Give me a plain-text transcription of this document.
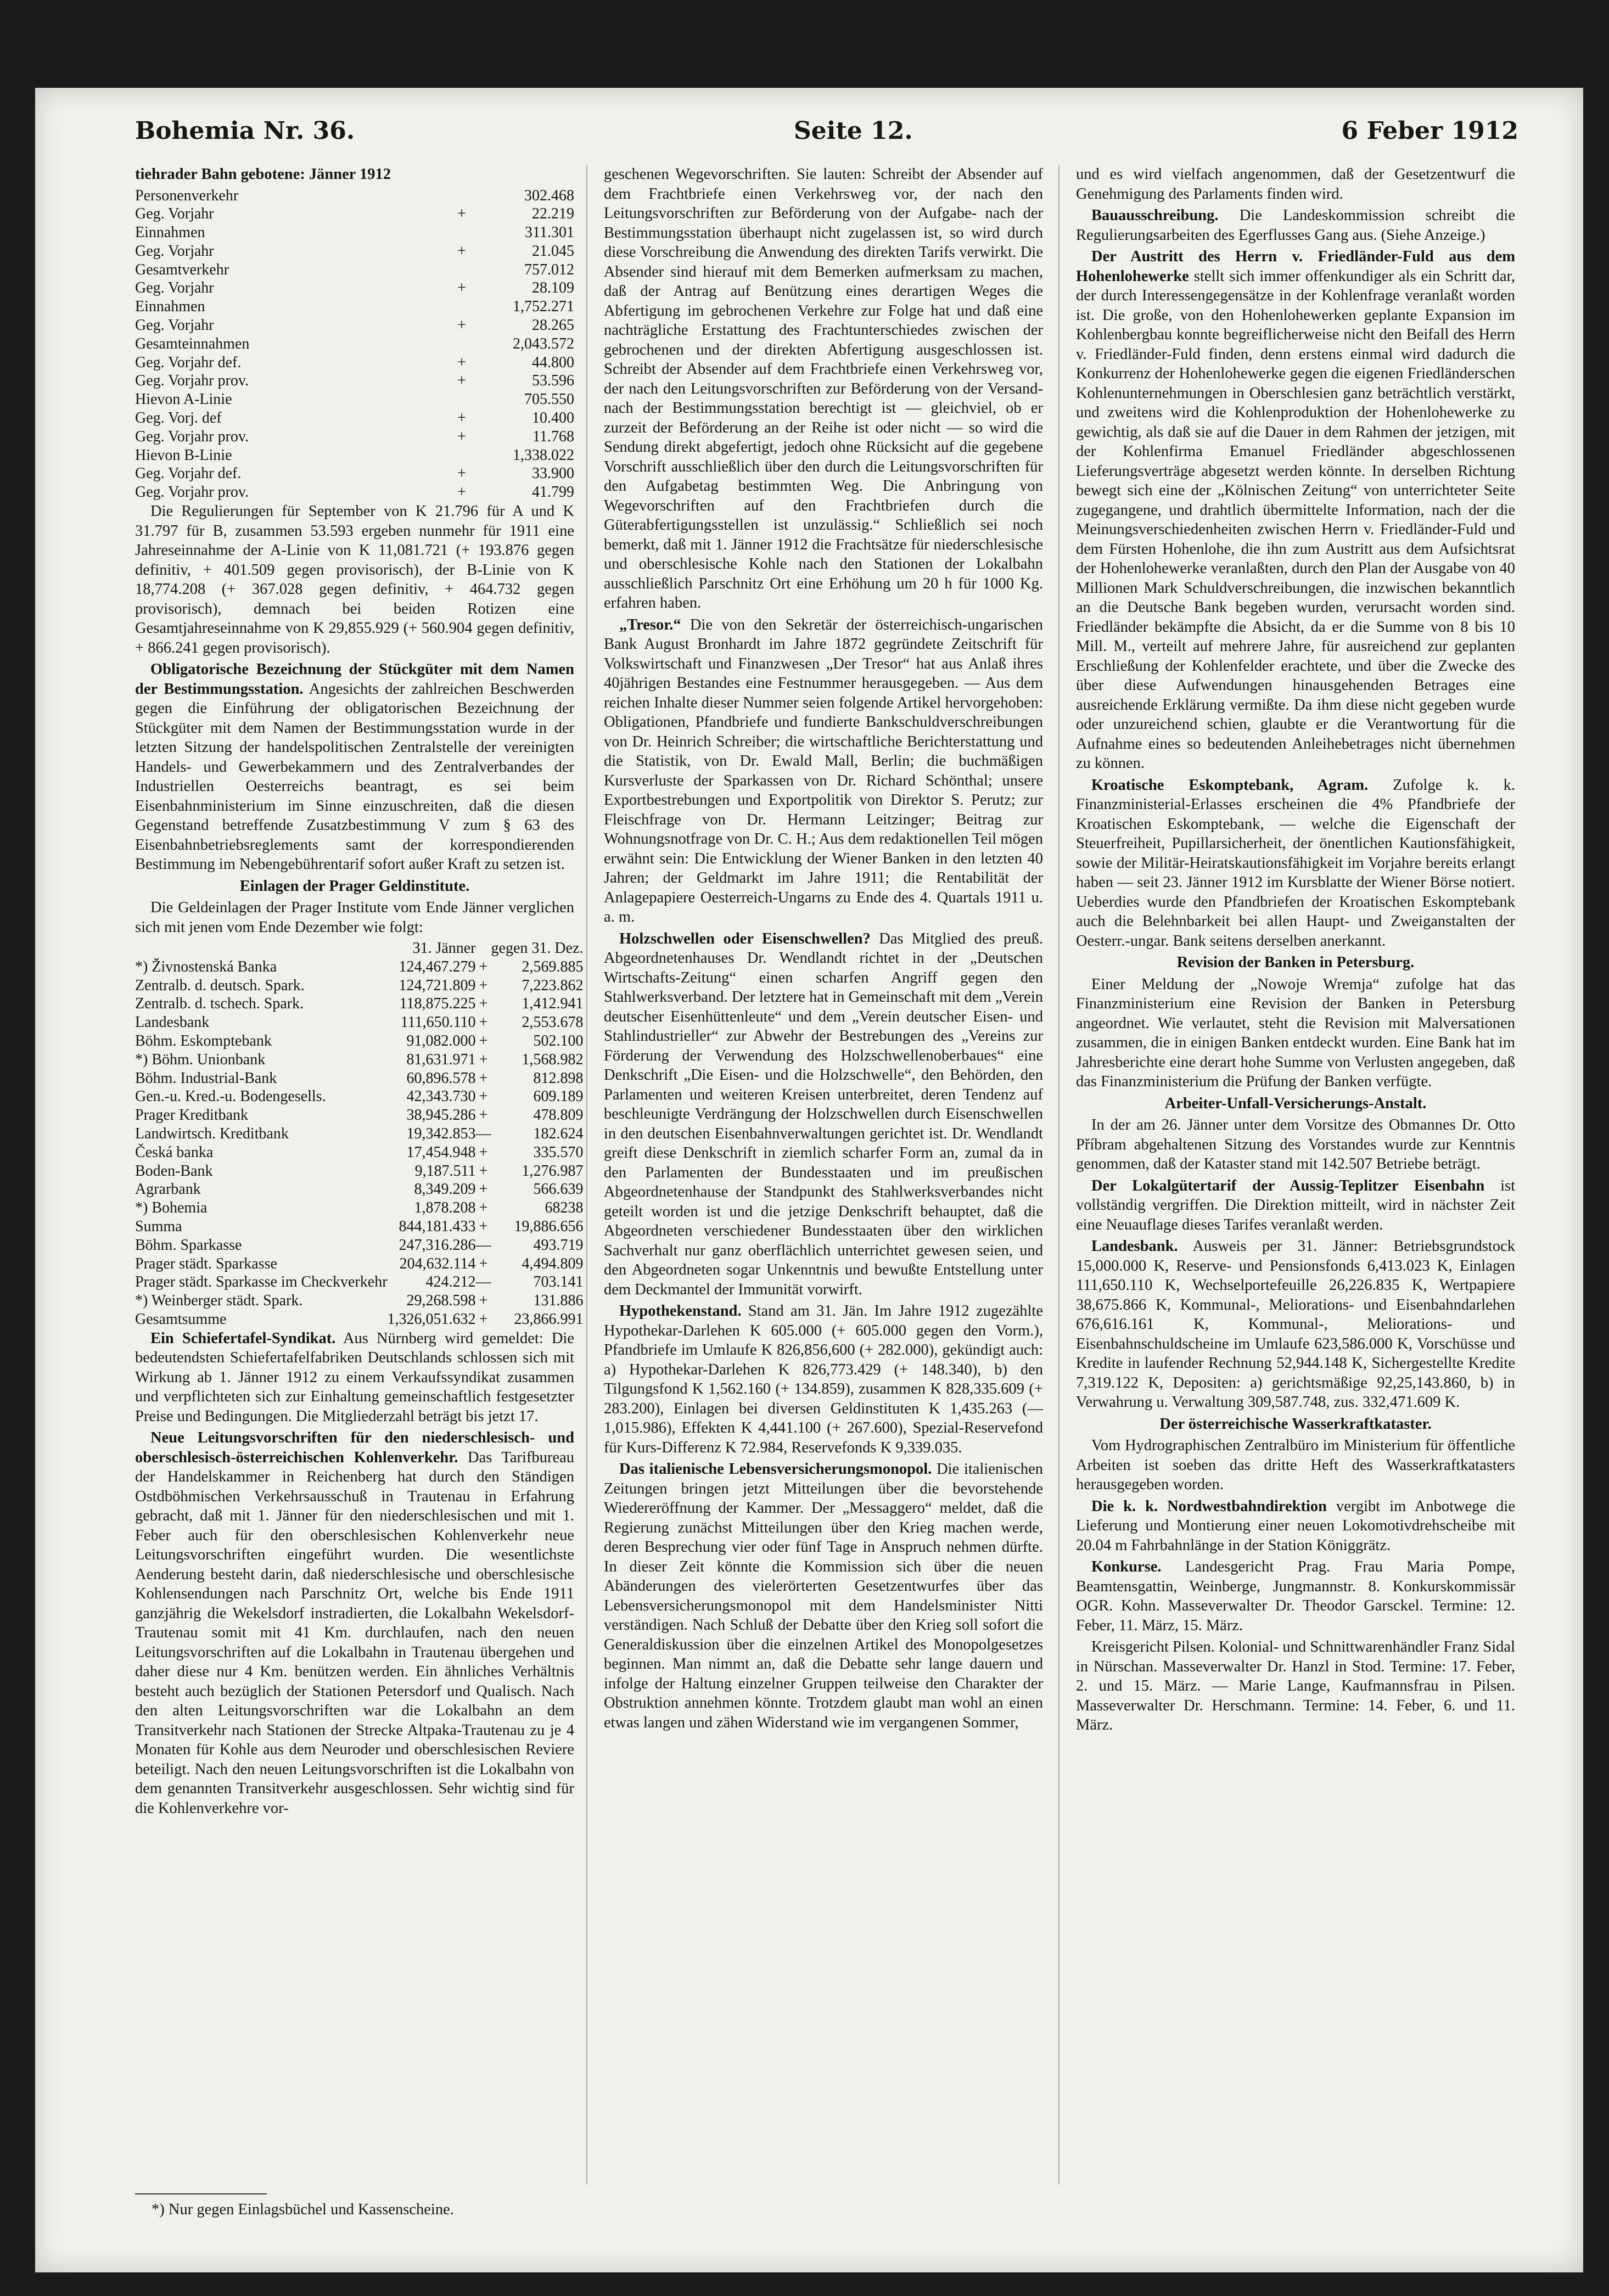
Bohemia Nr. 36.	Seite 12.	6 Feber 1912

tiehrader Bahn gebotene: Jänner 1912

Personenverkehr		302.468
Geg. Vorjahr	+	22.219
Einnahmen		311.301
Geg. Vorjahr	+	21.045
Gesamtverkehr		757.012
Geg. Vorjahr	+	28.109
Einnahmen		1,752.271
Geg. Vorjahr	+	28.265
Gesamteinnahmen		2,043.572
Geg. Vorjahr def.	+	44.800
Geg. Vorjahr prov.	+	53.596
Hievon A-Linie		705.550
Geg. Vorj. def	+	10.400
Geg. Vorjahr prov.	+	11.768
Hievon B-Linie		1,338.022
Geg. Vorjahr def.	+	33.900
Geg. Vorjahr prov.	+	41.799

Die Regulierungen für September von K 21.796 für A und K 31.797 für B, zusammen 53.593 ergeben nunmehr für 1911 eine Jahreseinnahme der A-Linie von K 11,081.721 (+ 193.876 gegen definitiv, + 401.509 gegen provisorisch), der B-Linie von K 18,774.208 (+ 367.028 gegen definitiv, + 464.732 gegen provisorisch), demnach bei beiden Rotizen eine Gesamtjahreseinnahme von K 29,855.929 (+ 560.904 gegen definitiv, + 866.241 gegen provisorisch).

Obligatorische Bezeichnung der Stückgüter mit dem Namen der Bestimmungsstation. Angesichts der zahlreichen Beschwerden gegen die Einführung der obligatorischen Bezeichnung der Stückgüter mit dem Namen der Bestimmungsstation wurde in der letzten Sitzung der handelspolitischen Zentralstelle der vereinigten Handels- und Gewerbekammern und des Zentralverbandes der Industriellen Oesterreichs beantragt, es sei beim Eisenbahnministerium im Sinne einzuschreiten, daß die diesen Gegenstand betreffende Zusatzbestimmung V zum § 63 des Eisenbahnbetriebsreglements samt der korrespondierenden Bestimmung im Nebengebührentarif sofort außer Kraft zu setzen ist.

Einlagen der Prager Geldinstitute.

Die Geldeinlagen der Prager Institute vom Ende Jänner verglichen sich mit jenen vom Ende Dezember wie folgt:

	31. Jänner		gegen 31. Dez.
*) Živnostenská Banka	124,467.279	+	2,569.885
Zentralb. d. deutsch. Spark.	124,721.809	+	7,223.862
Zentralb. d. tschech. Spark.	118,875.225	+	1,412.941
Landesbank	111,650.110	+	2,553.678
Böhm. Eskomptebank	91,082.000	+	502.100
*) Böhm. Unionbank	81,631.971	+	1,568.982
Böhm. Industrial-Bank	60,896.578	+	812.898
Gen.-u. Kred.-u. Bodengesells.	42,343.730	+	609.189
Prager Kreditbank	38,945.286	+	478.809
Landwirtsch. Kreditbank	19,342.853	—	182.624
Česká banka	17,454.948	+	335.570
Boden-Bank	9,187.511	+	1,276.987
Agrarbank	8,349.209	+	566.639
*) Bohemia	1,878.208	+	68238
Summa	844,181.433	+	19,886.656
Böhm. Sparkasse	247,316.286	—	493.719
Prager städt. Sparkasse	204,632.114	+	4,494.809
Prager städt. Sparkasse im Checkverkehr	424.212	—	703.141
*) Weinberger städt. Spark.	29,268.598	+	131.886
Gesamtsumme	1,326,051.632	+	23,866.991

Ein Schiefertafel-Syndikat. Aus Nürnberg wird gemeldet: Die bedeutendsten Schiefertafelfabriken Deutschlands schlossen sich mit Wirkung ab 1. Jänner 1912 zu einem Verkaufssyndikat zusammen und verpflichteten sich zur Einhaltung gemeinschaftlich festgesetzter Preise und Bedingungen. Die Mitgliederzahl beträgt bis jetzt 17.

Neue Leitungsvorschriften für den niederschlesisch- und oberschlesisch-österreichischen Kohlenverkehr. Das Tarifbureau der Handelskammer in Reichenberg hat durch den Ständigen Ostdböhmischen Verkehrsausschuß in Trautenau in Erfahrung gebracht, daß mit 1. Jänner für den niederschlesischen und mit 1. Feber auch für den oberschlesischen Kohlenverkehr neue Leitungsvorschriften eingeführt wurden. Die wesentlichste Aenderung besteht darin, daß niederschlesische und oberschlesische Kohlensendungen nach Parschnitz Ort, welche bis Ende 1911 ganzjährig die Wekelsdorf instradierten, die Lokalbahn Wekelsdorf-Trautenau somit mit 41 Km. durchlaufen, nach den neuen Leitungsvorschriften auf die Lokalbahn in Trautenau übergehen und daher diese nur 4 Km. benützen werden. Ein ähnliches Verhältnis besteht auch bezüglich der Stationen Petersdorf und Qualisch. Nach den alten Leitungsvorschriften war die Lokalbahn an dem Transitverkehr nach Stationen der Strecke Altpaka-Trautenau zu je 4 Monaten für Kohle aus dem Neuroder und oberschlesischen Reviere beteiligt. Nach den neuen Leitungsvorschriften ist die Lokalbahn von dem genannten Transitverkehr ausgeschlossen. Sehr wichtig sind für die Kohlenverkehre vor-

*) Nur gegen Einlagsbüchel und Kassenscheine.

geschenen Wegevorschriften. Sie lauten: Schreibt der Absender auf dem Frachtbriefe einen Verkehrsweg vor, der nach den Leitungsvorschriften zur Beförderung von der Aufgabe- nach der Bestimmungsstation überhaupt nicht zugelassen ist, so wird durch diese Vorschreibung die Anwendung des direkten Tarifs verwirkt. Die Absender sind hierauf mit dem Bemerken aufmerksam zu machen, daß der Antrag auf Benützung eines derartigen Weges die Abfertigung im gebrochenen Verkehre zur Folge hat und daß eine nachträgliche Erstattung des Frachtunterschiedes zwischen der gebrochenen und der direkten Abfertigung ausgeschlossen ist. Schreibt der Absender auf dem Frachtbriefe einen Verkehrsweg vor, der nach den Leitungsvorschriften zur Beförderung von der Versand- nach der Bestimmungsstation berechtigt ist — gleichviel, ob er zurzeit der Beförderung an der Reihe ist oder nicht — so wird die Sendung direkt abgefertigt, jedoch ohne Rücksicht auf die gegebene Vorschrift ausschließlich über den durch die Leitungsvorschriften für den Aufgabetag bestimmten Weg. Die Anbringung von Wegevorschriften auf den Frachtbriefen durch die Güterabfertigungsstellen ist unzulässig.“ Schließlich sei noch bemerkt, daß mit 1. Jänner 1912 die Frachtsätze für niederschlesische und oberschlesische Kohle nach den Stationen der Lokalbahn ausschließlich Parschnitz Ort eine Erhöhung um 20 h für 1000 Kg. erfahren haben.

„Tresor.“ Die von den Sekretär der österreichisch-ungarischen Bank August Bronhardt im Jahre 1872 gegründete Zeitschrift für Volkswirtschaft und Finanzwesen „Der Tresor“ hat aus Anlaß ihres 40jährigen Bestandes eine Festnummer herausgegeben. — Aus dem reichen Inhalte dieser Nummer seien folgende Artikel hervorgehoben: Obligationen, Pfandbriefe und fundierte Bankschuldverschreibungen von Dr. Heinrich Schreiber; die wirtschaftliche Berichterstattung und die Statistik, von Dr. Ewald Mall, Berlin; die buchmäßigen Kursverluste der Sparkassen von Dr. Richard Schönthal; unsere Exportbestrebungen und Exportpolitik von Direktor S. Perutz; zur Fleischfrage von Dr. Hermann Leitzinger; Beitrag zur Wohnungsnotfrage von Dr. C. H.; Aus dem redaktionellen Teil mögen erwähnt sein: Die Entwicklung der Wiener Banken in den letzten 40 Jahren; der Geldmarkt im Jahre 1911; die Rentabilität der Anlagepapiere Oesterreich-Ungarns zu Ende des 4. Quartals 1911 u. a. m.

Holzschwellen oder Eisenschwellen? Das Mitglied des preuß. Abgeordnetenhauses Dr. Wendlandt richtet in der „Deutschen Wirtschafts-Zeitung“ einen scharfen Angriff gegen den Stahlwerksverband. Der letztere hat in Gemeinschaft mit dem „Verein deutscher Eisenhüttenleute“ und dem „Verein deutscher Eisen- und Stahlindustrieller“ zur Abwehr der Bestrebungen des „Vereins zur Förderung der Verwendung des Holzschwellenoberbaues“ eine Denkschrift „Die Eisen- und die Holzschwelle“, den Behörden, den Parlamenten und weiteren Kreisen unterbreitet, deren Tendenz auf beschleunigte Verdrängung der Holzschwellen durch Eisenschwellen in den deutschen Eisenbahnverwaltungen gerichtet ist. Dr. Wendlandt greift diese Denkschrift in ziemlich scharfer Form an, zumal da in den Parlamenten der Bundesstaaten und im preußischen Abgeordnetenhause der Standpunkt des Stahlwerksverbandes nicht geteilt worden ist und die jetzige Denkschrift behauptet, daß die Abgeordneten verschiedener Bundesstaaten über den wirklichen Sachverhalt nur ganz oberflächlich unterrichtet gewesen seien, und den Abgeordneten sogar Unkenntnis und bewußte Entstellung unter dem Deckmantel der Immunität vorwirft.

Hypothekenstand. Stand am 31. Jän. Im Jahre 1912 zugezählte Hypothekar-Darlehen K 605.000 (+ 605.000 gegen den Vorm.), Pfandbriefe im Umlaufe K 826,856,600 (+ 282.000), gekündigt auch: a) Hypothekar-Darlehen K 826,773.429 (+ 148.340), b) den Tilgungsfond K 1,562.160 (+ 134.859), zusammen K 828,335.609 (+ 283.200), Einlagen bei diversen Geldinstituten K 1,435.263 (— 1,015.986), Effekten K 4,441.100 (+ 267.600), Spezial-Reservefond für Kurs-Differenz K 72.984, Reservefonds K 9,339.035.

Das italienische Lebensversicherungsmonopol. Die italienischen Zeitungen bringen jetzt Mitteilungen über die bevorstehende Wiedereröffnung der Kammer. Der „Messaggero“ meldet, daß die Regierung zunächst Mitteilungen über den Krieg machen werde, deren Besprechung vier oder fünf Tage in Anspruch nehmen dürfte. In dieser Zeit könnte die Kommission sich über die neuen Abänderungen des vielerörterten Gesetzentwurfes über das Lebensversicherungsmonopol mit dem Handelsminister Nitti verständigen. Nach Schluß der Debatte über den Krieg soll sofort die Generaldiskussion über die einzelnen Artikel des Monopolgesetzes beginnen. Man nimmt an, daß die Debatte sehr lange dauern und infolge der Haltung einzelner Gruppen teilweise den Charakter der Obstruktion annehmen könnte. Trotzdem glaubt man wohl an einen etwas langen und zähen Widerstand wie im vergangenen Sommer,

und es wird vielfach angenommen, daß der Gesetzentwurf die Genehmigung des Parlaments finden wird.

Bauausschreibung. Die Landeskommission schreibt die Regulierungsarbeiten des Egerflusses Gang aus. (Siehe Anzeige.)

Der Austritt des Herrn v. Friedländer-Fuld aus dem Hohenlohewerke stellt sich immer offenkundiger als ein Schritt dar, der durch Interessengegensätze in der Kohlenfrage veranlaßt worden ist. Die große, von den Hohenlohewerken geplante Expansion im Kohlenbergbau konnte begreiflicherweise nicht den Beifall des Herrn v. Friedländer-Fuld finden, denn erstens einmal wird dadurch die Konkurrenz der Hohenlohewerke gegen die eigenen Friedländerschen Kohlenunternehmungen in Oberschlesien ganz beträchtlich verstärkt, und zweitens wird die Kohlenproduktion der Hohenlohewerke zu gewichtig, als daß sie auf die Dauer in dem Rahmen der jetzigen, mit der Kohlenfirma Emanuel Friedländer abgeschlossenen Lieferungsverträge abgesetzt werden könnte. In derselben Richtung bewegt sich eine der „Kölnischen Zeitung“ von unterrichteter Seite zugegangene, und drahtlich übermittelte Information, nach der die Meinungsverschiedenheiten zwischen Herrn v. Friedländer-Fuld und dem Fürsten Hohenlohe, die ihn zum Austritt aus dem Aufsichtsrat der Hohenlohewerke veranlaßten, durch den Plan der Ausgabe von 40 Millionen Mark Schuldverschreibungen, die inzwischen bekanntlich an die Deutsche Bank begeben wurden, verursacht worden sind. Friedländer bekämpfte die Absicht, da er die Summe von 8 bis 10 Mill. M., verteilt auf mehrere Jahre, für ausreichend zur geplanten Erschließung der Kohlenfelder erachtete, und über die Zwecke des über diese Aufwendungen hinausgehenden Betrages eine ausreichende Erklärung vermißte. Da ihm diese nicht gegeben wurde oder unzureichend schien, glaubte er die Verantwortung für die Aufnahme eines so bedeutenden Anleihebetrages nicht übernehmen zu können.

Kroatische Eskomptebank, Agram. Zufolge k. k. Finanzministerial-Erlasses erscheinen die 4% Pfandbriefe der Kroatischen Eskomptebank, — welche die Eigenschaft der Steuerfreiheit, Pupillarsicherheit, der önentlichen Kautionsfähigkeit, sowie der Militär-Heiratskautionsfähigkeit im Vorjahre bereits erlangt haben — seit 23. Jänner 1912 im Kursblatte der Wiener Börse notiert. Ueberdies wurde den Pfandbriefen der Kroatischen Eskomptebank auch die Belehnbarkeit bei allen Haupt- und Zweiganstalten der Oesterr.-ungar. Bank seitens derselben anerkannt.

Revision der Banken in Petersburg.

Einer Meldung der „Nowoje Wremja“ zufolge hat das Finanzministerium eine Revision der Banken in Petersburg angeordnet. Wie verlautet, steht die Revision mit Malversationen zusammen, die in einigen Banken entdeckt wurden. Eine Bank hat im Jahresberichte eine derart hohe Summe von Verlusten angegeben, daß das Finanzministerium die Prüfung der Banken verfügte.

Arbeiter-Unfall-Versicherungs-Anstalt.

In der am 26. Jänner unter dem Vorsitze des Obmannes Dr. Otto Příbram abgehaltenen Sitzung des Vorstandes wurde zur Kenntnis genommen, daß der Kataster stand mit 142.507 Betriebe beträgt.

Der Lokalgütertarif der Aussig-Teplitzer Eisenbahn ist vollständig vergriffen. Die Direktion mitteilt, wird in nächster Zeit eine Neuauflage dieses Tarifes veranlaßt werden.

Landesbank. Ausweis per 31. Jänner: Betriebsgrundstock 15,000.000 K, Reserve- und Pensionsfonds 6,413.023 K, Einlagen 111,650.110 K, Wechselportefeuille 26,226.835 K, Wertpapiere 38,675.866 K, Kommunal-, Meliorations- und Eisenbahndarlehen 676,616.161 K, Kommunal-, Meliorations- und Eisenbahnschuldscheine im Umlaufe 623,586.000 K, Vorschüsse und Kredite in laufender Rechnung 52,944.148 K, Sichergestellte Kredite 7,319.122 K, Depositen: a) gerichtsmäßige 92,25,143.860, b) in Verwahrung u. Verwaltung 309,587.748, zus. 332,471.609 K.

Der österreichische Wasserkraftkataster.

Vom Hydrographischen Zentralbüro im Ministerium für öffentliche Arbeiten ist soeben das dritte Heft des Wasserkraftkatasters herausgegeben worden.

Die k. k. Nordwestbahndirektion vergibt im Anbotwege die Lieferung und Montierung einer neuen Lokomotivdrehscheibe mit 20.04 m Fahrbahnlänge in der Station Königgrätz.

Konkurse. Landesgericht Prag. Frau Maria Pompe, Beamtensgattin, Weinberge, Jungmannstr. 8. Konkurskommissär OGR. Kohn. Masseverwalter Dr. Theodor Garsckel. Termine: 12. Feber, 11. März, 15. März.

Kreisgericht Pilsen. Kolonial- und Schnittwarenhändler Franz Sidal in Nürschan. Masseverwalter Dr. Hanzl in Stod. Termine: 17. Feber, 2. und 15. März. — Marie Lange, Kaufmannsfrau in Pilsen. Masseverwalter Dr. Herschmann. Termine: 14. Feber, 6. und 11. März.
